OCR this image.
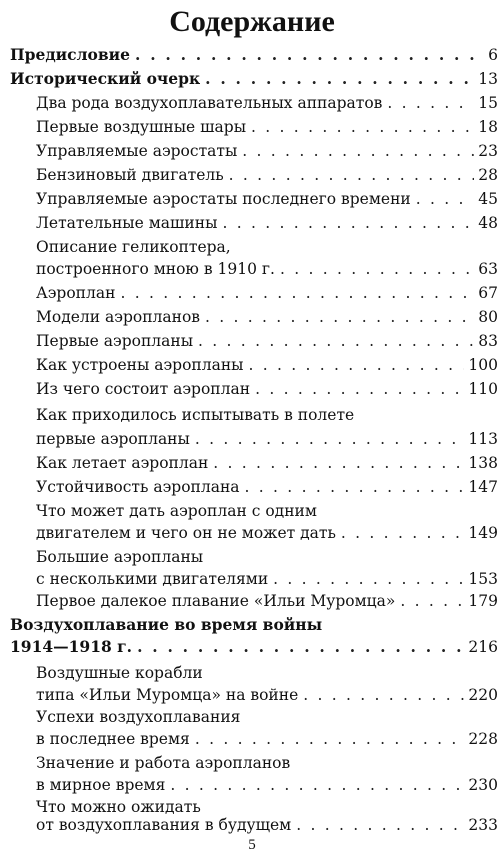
Содержание
Предисловие . . .	6
Исторический очерк . . .	13
Два рода воздухоплавательных аппаратов . . .	15
Первые воздушные шары . . .	18
Управляемые аэростаты . . .	23
Бензиновый двигатель . . .	28
Управляемые аэростаты последнего времени . . .	45
Летательные машины . . .	48
Описание геликоптера,
построенного мною в 1910 г. . . .	63
Аэроплан . . .	67
Модели аэропланов . . .	80
Первые аэропланы . . .	83
Как устроены аэропланы . . .	100
Из чего состоит аэроплан . . .	110
Как приходилось испытывать в полете
первые аэропланы . . .	113
Как летает аэроплан . . .	138
Устойчивость аэроплана . . .	147
Что может дать аэроплан с одним
двигателем и чего он не может дать . . .	149
Большие аэропланы
с несколькими двигателями . . .	153
Первое далекое плавание «Ильи Муромца» . . .	179
Воздухоплавание во время войны
1914—1918 г. . . .	216
Воздушные корабли
типа «Ильи Муромца» на войне . . .	220
Успехи воздухоплавания
в последнее время . . .	228
Значение и работа аэропланов
в мирное время . . .	230
Что можно ожидать
от воздухоплавания в будущем . . .	233
5
